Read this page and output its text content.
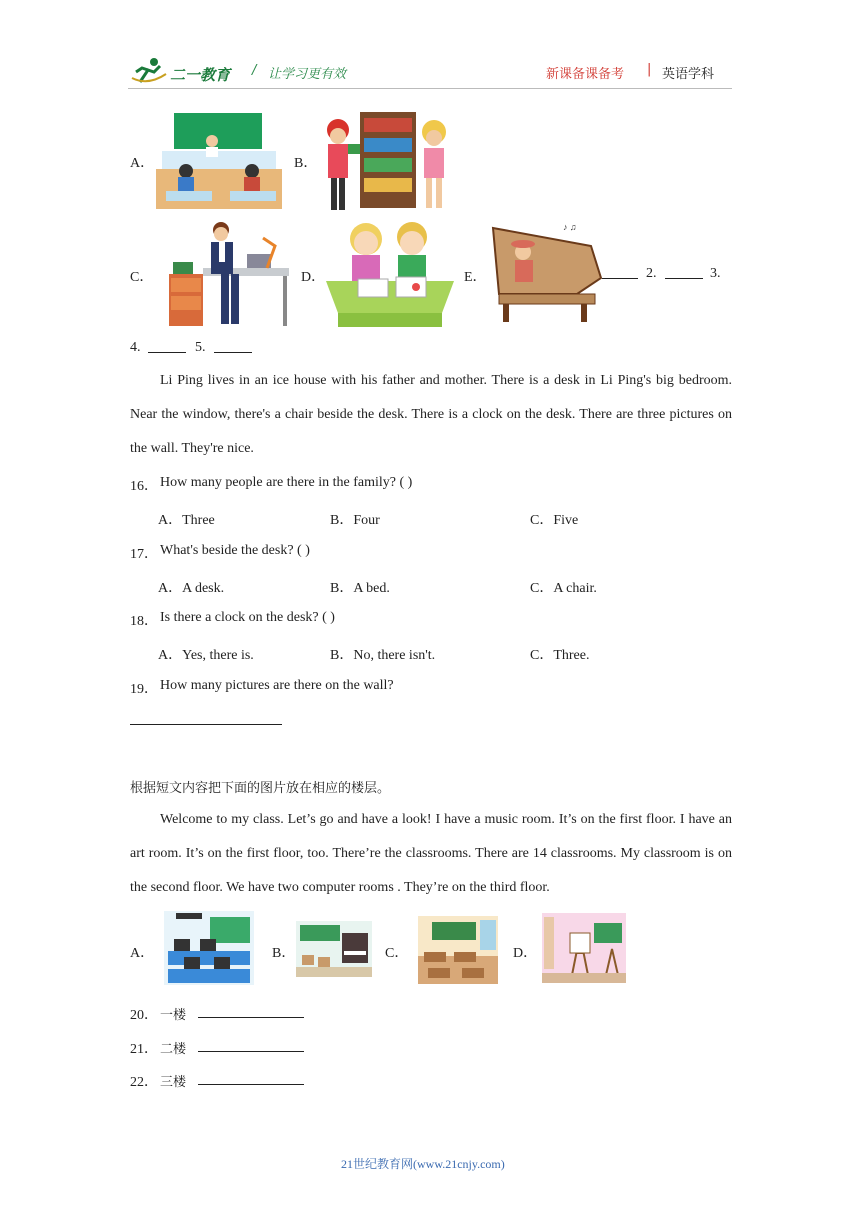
二一教育 / 让学习更有效	新课备课备考 | 英语学科
A．	B．
C．	D．	E．
♪ ♫
2.	3.
4.	5.
Li Ping lives in an ice house with his father and mother. There is a desk in Li Ping's big bedroom. Near the window, there's a chair beside the desk. There is a clock on the desk. There are three pictures on the wall. They're nice.
16． How many people are there in the family? ( )
A．Three	B．Four	C．Five
17． What's beside the desk? ( )
A．A desk.	B．A bed.	C．A chair.
18． Is there a clock on the desk? ( )
A．Yes, there is.	B．No, there isn't.	C．Three.
19． How many pictures are there on the wall?
根据短文内容把下面的图片放在相应的楼层。
Welcome to my class. Let’s go and have a look! I have a music room. It’s on the first floor. I have an art room. It’s on the first floor, too. There’re the classrooms. There are 14 classrooms. My classroom is on the second floor. We have two computer rooms . They’re on the third floor.
A．	B．	C．	D．
20． 一楼
21． 二楼
22． 三楼
21世纪教育网(www.21cnjy.com)
